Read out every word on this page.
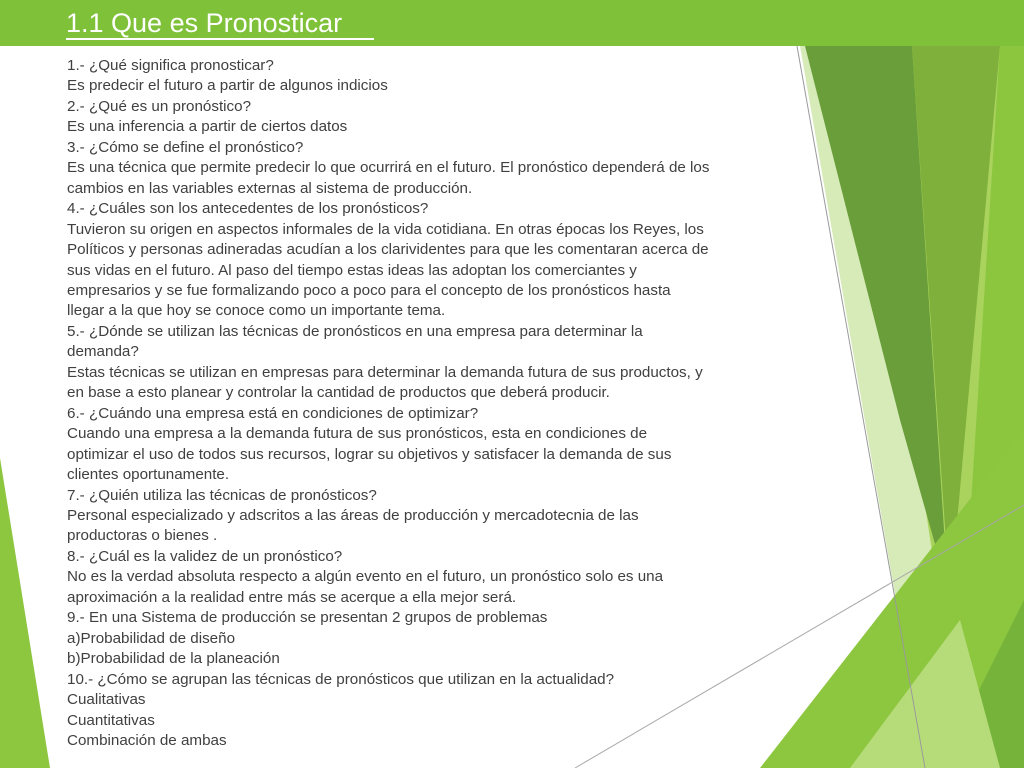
1.1 Que es Pronosticar
1.- ¿Qué significa pronosticar?
Es predecir el futuro a partir de algunos indicios
2.- ¿Qué es un pronóstico?
Es una inferencia a partir de ciertos datos
3.- ¿Cómo se define el pronóstico?
Es una técnica que permite predecir lo que ocurrirá en el futuro. El pronóstico dependerá de los
cambios en las variables externas al sistema de producción.
4.- ¿Cuáles son los antecedentes de los pronósticos?
Tuvieron su origen en aspectos informales de la vida cotidiana. En otras épocas los Reyes, los
Políticos y personas adineradas acudían a los clarividentes para que les comentaran acerca de
sus vidas en el futuro. Al paso del tiempo estas ideas las adoptan los comerciantes y
empresarios y se fue formalizando poco a poco para el concepto de los pronósticos hasta
llegar a la que hoy se conoce como un importante tema.
5.- ¿Dónde se utilizan las técnicas de pronósticos en una empresa para determinar la
demanda?
Estas técnicas se utilizan en empresas para determinar la demanda futura de sus productos, y
en base a esto planear y controlar la cantidad de productos que deberá producir.
6.- ¿Cuándo una empresa está en condiciones de optimizar?
Cuando una empresa a la demanda futura de sus pronósticos, esta en condiciones de
optimizar el uso de todos sus recursos, lograr su objetivos y satisfacer la demanda de sus
clientes oportunamente.
7.- ¿Quién utiliza las técnicas de pronósticos?
Personal especializado y adscritos a las áreas de producción y mercadotecnia de las
productoras o bienes .
8.- ¿Cuál es la validez de un pronóstico?
No es la verdad absoluta respecto a algún evento en el futuro, un pronóstico solo es una
aproximación a la realidad entre más se acerque a ella mejor será.
9.- En una Sistema de producción se presentan 2 grupos de problemas
a)Probabilidad de diseño
b)Probabilidad de la planeación
10.- ¿Cómo se agrupan las técnicas de pronósticos que utilizan en la actualidad?
Cualitativas
Cuantitativas
Combinación de ambas
